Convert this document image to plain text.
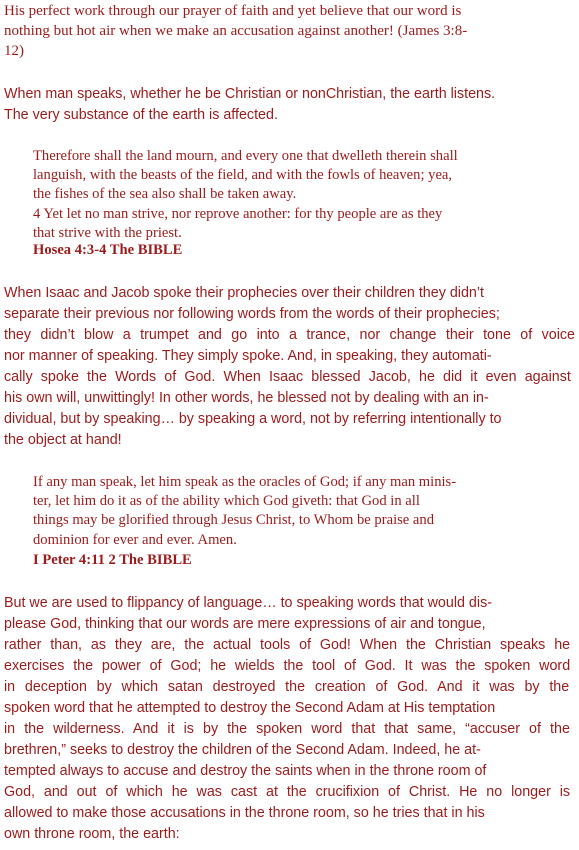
His perfect work through our prayer of faith and yet believe that our word is
nothing but hot air when we make an accusation against another! (James 3:8-
12)

When man speaks, whether he be Christian or nonChristian, the earth listens.
The very substance of the earth is affected.

Therefore shall the land mourn, and every one that dwelleth therein shall
languish, with the beasts of the field, and with the fowls of heaven; yea,
the fishes of the sea also shall be taken away.
4 Yet let no man strive, nor reprove another: for thy people are as they
that strive with the priest.

Hosea 4:3-4 The BIBLE

When Isaac and Jacob spoke their prophecies over their children they didn’t
separate their previous nor following words from the words of their prophecies;
they didn’t blow a trumpet and go into a trance, nor change their tone of voice
nor manner of speaking. They simply spoke. And, in speaking, they automati-
cally spoke the Words of God. When Isaac blessed Jacob, he did it even against
his own will, unwittingly! In other words, he blessed not by dealing with an in-
dividual, but by speaking… by speaking a word, not by referring intentionally to
the object at hand!

If any man speak, let him speak as the oracles of God; if any man minis-
ter, let him do it as of the ability which God giveth: that God in all
things may be glorified through Jesus Christ, to Whom be praise and
dominion for ever and ever. Amen.

I Peter 4:11 2 The BIBLE

But we are used to flippancy of language… to speaking words that would dis-
please God, thinking that our words are mere expressions of air and tongue,
rather than, as they are, the actual tools of God! When the Christian speaks he
exercises the power of God; he wields the tool of God. It was the spoken word
in deception by which satan destroyed the creation of God. And it was by the
spoken word that he attempted to destroy the Second Adam at His temptation
in the wilderness. And it is by the spoken word that that same, “accuser of the
brethren,” seeks to destroy the children of the Second Adam. Indeed, he at-
tempted always to accuse and destroy the saints when in the throne room of
God, and out of which he was cast at the crucifixion of Christ. He no longer is
allowed to make those accusations in the throne room, so he tries that in his
own throne room, the earth:
